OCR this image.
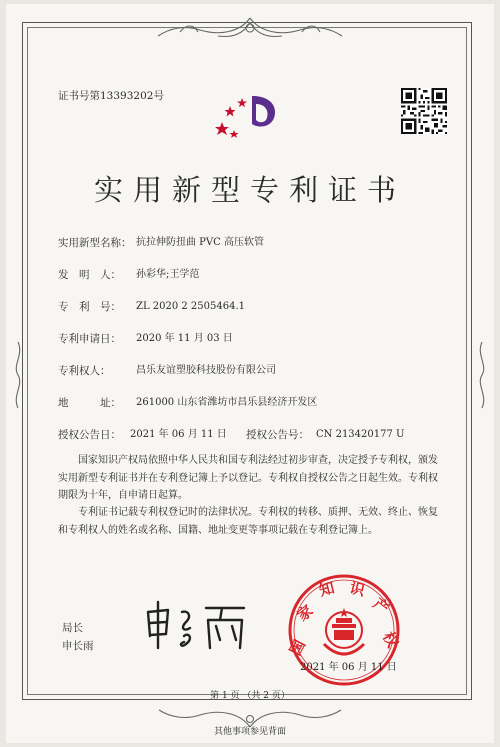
证书号第13393202号
实用新型专利证书
实用新型名称： 抗拉伸防扭曲 PVC 高压软管
发　明　人： 孙彩华;王学范
专　利　号： ZL 2020 2 2505464.1
专利申请日： 2020 年 11 月 03 日
专利权人：	昌乐友谊塑胶科技股份有限公司
地　　　址： 261000 山东省潍坊市昌乐县经济开发区
授权公告日： 2021 年 06 月 11 日 授权公告号： CN 213420177 U
国家知识产权局依照中华人民共和国专利法经过初步审查，决定授予专利权，颁发实用新型专利证书并在专利登记簿上予以登记。专利权自授权公告之日起生效。专利权期限为十年，自申请日起算。
专利证书记载专利权登记时的法律状况。专利权的转移、质押、无效、终止、恢复和专利权人的姓名或名称、国籍、地址变更等事项记载在专利登记簿上。
局长
申长雨	国
家
知 识
产
权
2021 年 06 月 11 日
第 1 页 （共 2 页）
其他事项参见背面
